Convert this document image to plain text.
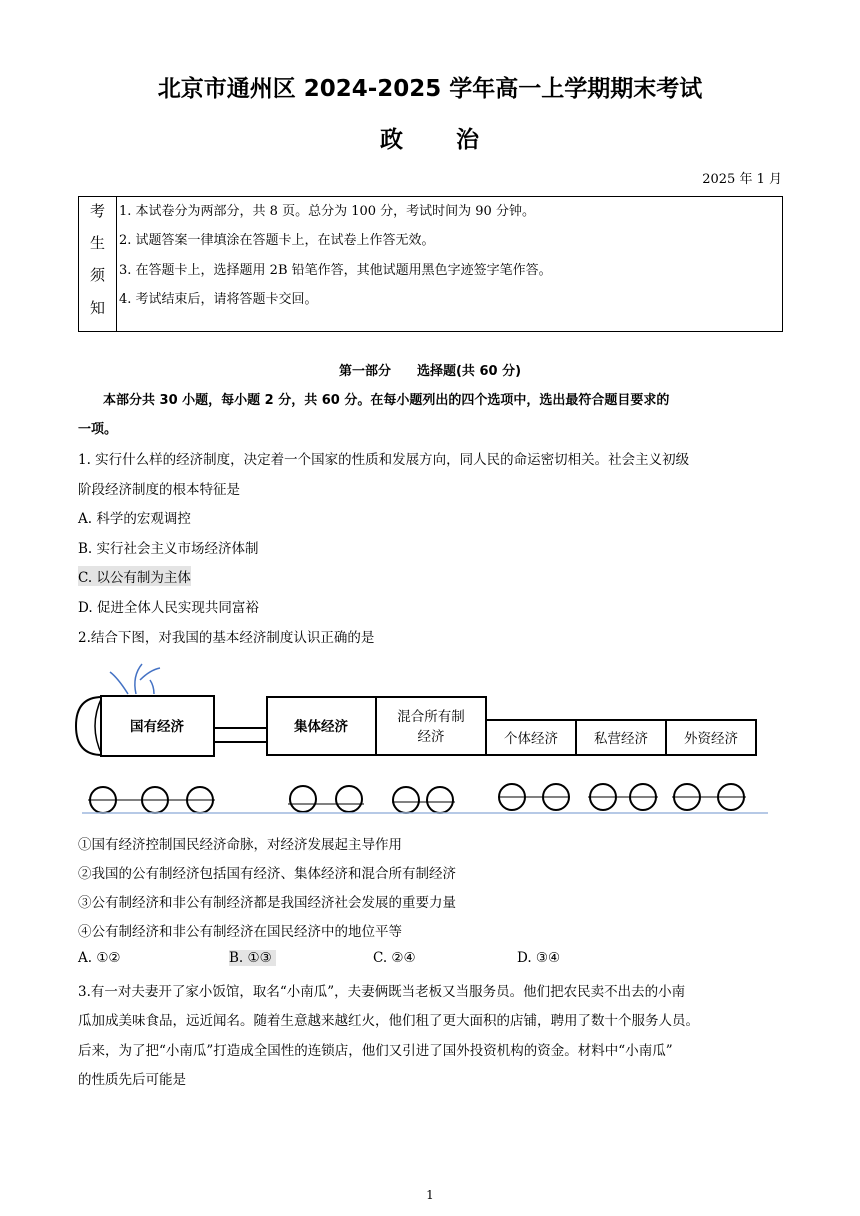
北京市通州区 2024-2025 学年高一上学期期末考试
政 治
2025 年 1 月
考
生
须
知
1. 本试卷分为两部分，共 8 页。总分为 100 分，考试时间为 90 分钟。
2. 试题答案一律填涂在答题卡上，在试卷上作答无效。
3. 在答题卡上，选择题用 2B 铅笔作答，其他试题用黑色字迹签字笔作答。
4. 考试结束后，请将答题卡交回。
第一部分　　选择题(共 60 分)
本部分共 30 小题，每小题 2 分，共 60 分。在每小题列出的四个选项中，选出最符合题目要求的
一项。
1. 实行什么样的经济制度，决定着一个国家的性质和发展方向，同人民的命运密切相关。社会主义初级
阶段经济制度的根本特征是
A. 科学的宏观调控
B. 实行社会主义市场经济体制
C. 以公有制为主体
D. 促进全体人民实现共同富裕
2.结合下图，对我国的基本经济制度认识正确的是
国有经济	集体经济
混合所有制
经济	个体经济	私营经济	外资经济
①国有经济控制国民经济命脉，对经济发展起主导作用
②我国的公有制经济包括国有经济、集体经济和混合所有制经济
③公有制经济和非公有制经济都是我国经济社会发展的重要力量
④公有制经济和非公有制经济在国民经济中的地位平等
A. ①②	B. ①③	C. ②④	D. ③④
3.有一对夫妻开了家小饭馆，取名“小南瓜”，夫妻俩既当老板又当服务员。他们把农民卖不出去的小南
瓜加成美味食品，远近闻名。随着生意越来越红火，他们租了更大面积的店铺，聘用了数十个服务人员。
后来，为了把“小南瓜”打造成全国性的连锁店，他们又引进了国外投资机构的资金。材料中“小南瓜”
的性质先后可能是
1
